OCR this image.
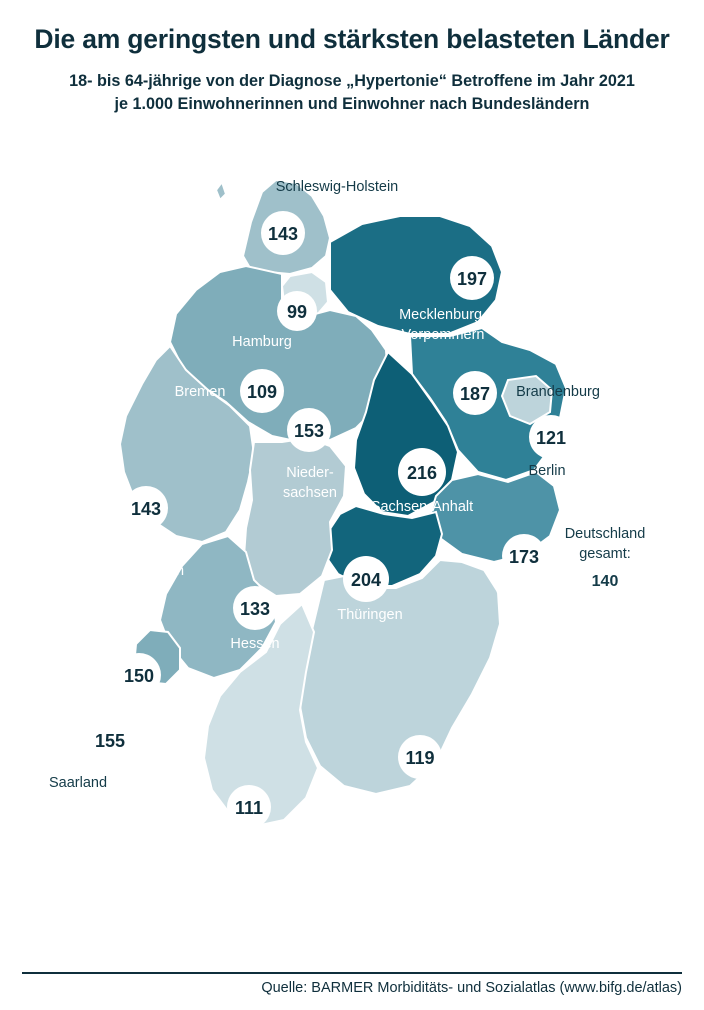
Die am geringsten und stärksten belasteten Länder
18- bis 64-jährige von der Diagnose „Hypertonie“ Betroffene im Jahr 2021
je 1.000 Einwohnerinnen und Einwohner nach Bundesländern
143
99
197
109	187
153	121
216
143
173
204
133
150
155
119
111
Schleswig-Holstein
Hamburg
Mecklenburg-
Vorpommern
Bremen	Brandenburg
Nieder-
sachsen
Berlin
Sachsen-Anhalt
Nordrhein-
Westfalen
Sachsen
Thüringen
Hessen
Rhein-
land-
Pfalz
Saarland
Bayern
Baden-
Württemberg
Deutschland
gesamt:
140
Quelle: BARMER Morbiditäts- und Sozialatlas (www.bifg.de/atlas)
